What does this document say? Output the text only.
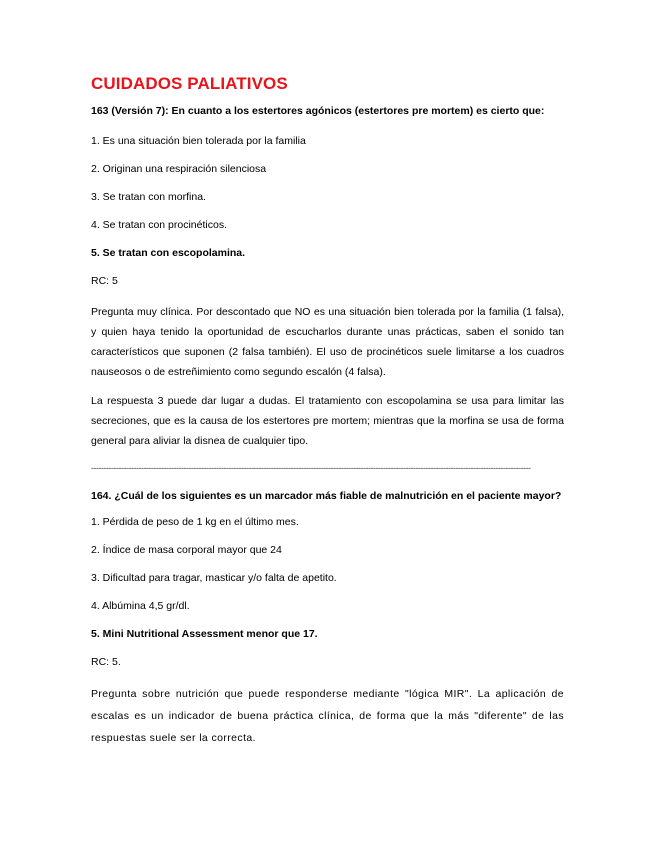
CUIDADOS PALIATIVOS
163 (Versión 7): En cuanto a los estertores agónicos (estertores pre mortem) es cierto que:
1. Es una situación bien tolerada por la familia
2. Originan una respiración silenciosa
3. Se tratan con morfina.
4. Se tratan con procinéticos.
5. Se tratan con escopolamina.
RC: 5

Pregunta muy clínica. Por descontado que NO es una situación bien tolerada por la familia (1 falsa), y quien haya tenido la oportunidad de escucharlos durante unas prácticas, saben el sonido tan característicos que suponen (2 falsa también). El uso de procinéticos suele limitarse a los cuadros nauseosos o de estreñimiento como segundo escalón (4 falsa).

La respuesta 3 puede dar lugar a dudas. El tratamiento con escopolamina se usa para limitar las secreciones, que es la causa de los estertores pre mortem; mientras que la morfina se usa de forma general para aliviar la disnea de cualquier tipo.

--------------------------------------------------------------------------------------------------------------------------------------------------------------------------------
164. ¿Cuál de los siguientes es un marcador más fiable de malnutrición en el paciente mayor?
1. Pérdida de peso de 1 kg en el último mes.
2. Índice de masa corporal mayor que 24
3. Dificultad para tragar, masticar y/o falta de apetito.
4. Albúmina 4,5 gr/dl.
5. Mini Nutritional Assessment menor que 17.
RC: 5.

Pregunta sobre nutrición que puede responderse mediante "lógica MIR". La aplicación de escalas es un indicador de buena práctica clínica, de forma que la más "diferente" de las respuestas suele ser la correcta.
